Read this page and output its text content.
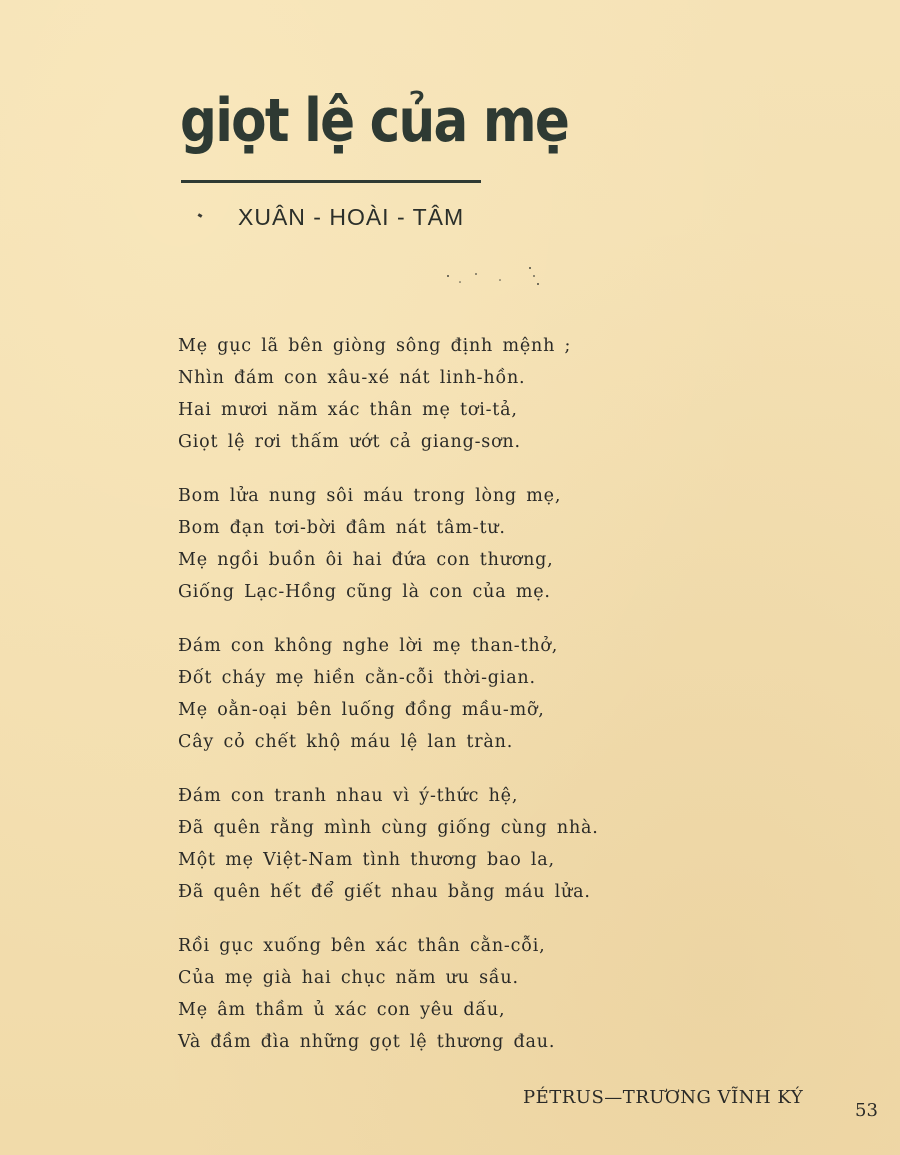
giọt lệ của mẹ
XUÂN - HOÀI - TÂM
Mẹ gục lã bên giòng sông định mệnh ;
Nhìn đám con xâu-xé nát linh-hồn.
Hai mươi năm xác thân mẹ tơi-tả,
Giọt lệ rơi thấm ướt cả giang-sơn.
Bom lửa nung sôi máu trong lòng mẹ,
Bom đạn tơi-bời đâm nát tâm-tư.
Mẹ ngồi buồn ôi hai đứa con thương,
Giống Lạc-Hồng cũng là con của mẹ.
Đám con không nghe lời mẹ than-thở,
Đốt cháy mẹ hiền cằn-cỗi thời-gian.
Mẹ oằn-oại bên luống đồng mầu-mỡ,
Cây cỏ chết khộ máu lệ lan tràn.
Đám con tranh nhau vì ý-thức hệ,
Đã quên rằng mình cùng giống cùng nhà.
Một mẹ Việt-Nam tình thương bao la,
Đã quên hết để giết nhau bằng máu lửa.
Rồi gục xuống bên xác thân cằn-cỗi,
Của mẹ già hai chục năm ưu sầu.
Mẹ âm thầm ủ xác con yêu dấu,
Và đầm đìa những gọt lệ thương đau.
PÉTRUS—TRƯƠNG VĨNH KÝ
53
